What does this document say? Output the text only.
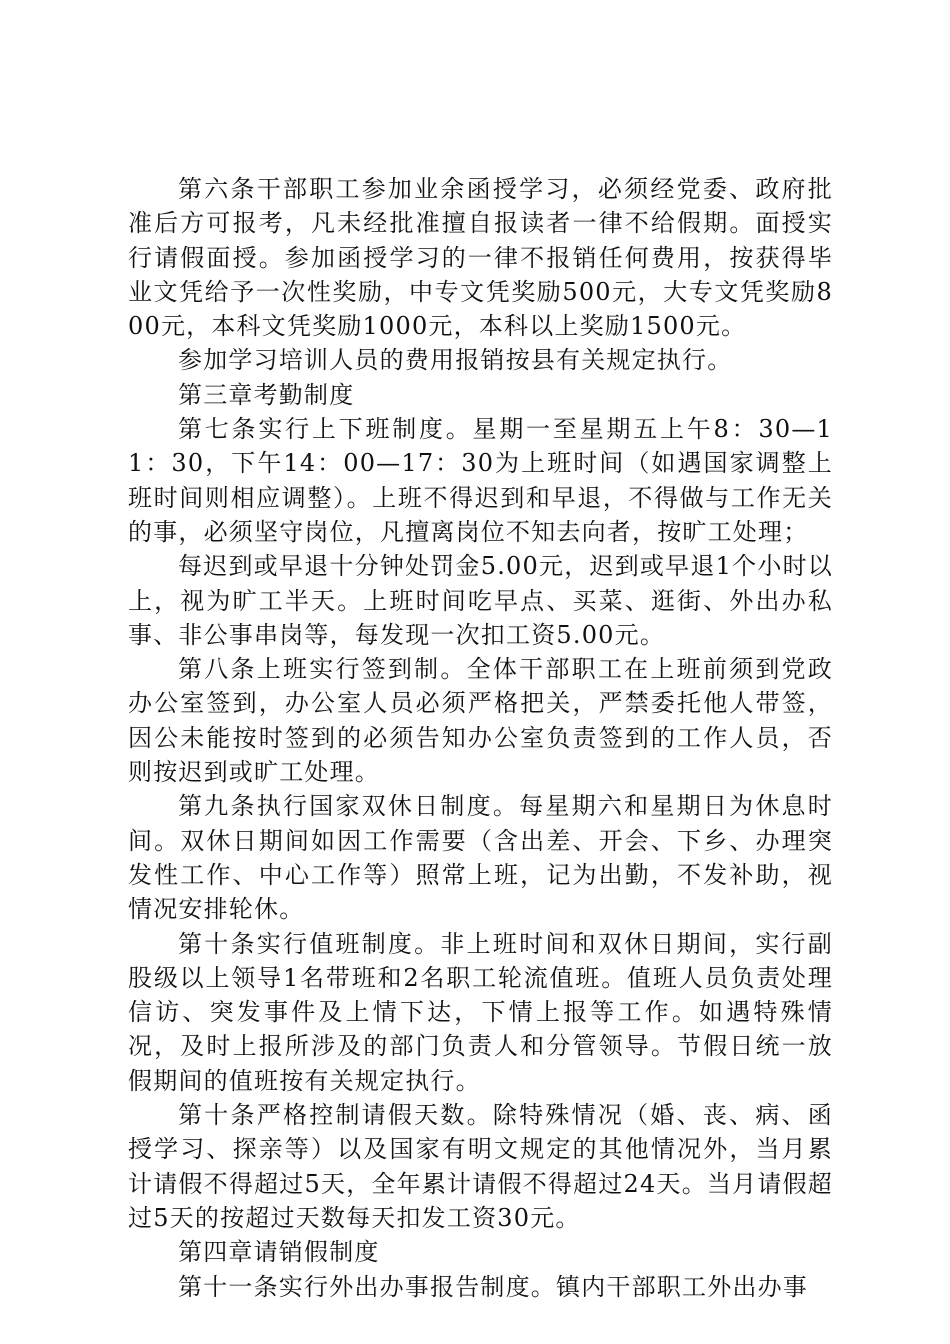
第六条干部职工参加业余函授学习，必须经党委、政府批准后方可报考，凡未经批准擅自报读者一律不给假期。面授实行请假面授。参加函授学习的一律不报销任何费用，按获得毕业文凭给予一次性奖励，中专文凭奖励500元，大专文凭奖励800元，本科文凭奖励1000元，本科以上奖励1500元。

参加学习培训人员的费用报销按县有关规定执行。

第三章考勤制度

第七条实行上下班制度。星期一至星期五上午8：30—11：30，下午14：00—17：30为上班时间（如遇国家调整上班时间则相应调整）。上班不得迟到和早退，不得做与工作无关的事，必须坚守岗位，凡擅离岗位不知去向者，按旷工处理；

每迟到或早退十分钟处罚金5.00元，迟到或早退1个小时以上，视为旷工半天。上班时间吃早点、买菜、逛街、外出办私事、非公事串岗等，每发现一次扣工资5.00元。

第八条上班实行签到制。全体干部职工在上班前须到党政办公室签到，办公室人员必须严格把关，严禁委托他人带签，因公未能按时签到的必须告知办公室负责签到的工作人员，否则按迟到或旷工处理。

第九条执行国家双休日制度。每星期六和星期日为休息时间。双休日期间如因工作需要（含出差、开会、下乡、办理突发性工作、中心工作等）照常上班，记为出勤，不发补助，视情况安排轮休。

第十条实行值班制度。非上班时间和双休日期间，实行副股级以上领导1名带班和2名职工轮流值班。值班人员负责处理信访、突发事件及上情下达，下情上报等工作。如遇特殊情况，及时上报所涉及的部门负责人和分管领导。节假日统一放假期间的值班按有关规定执行。

第十条严格控制请假天数。除特殊情况（婚、丧、病、函授学习、探亲等）以及国家有明文规定的其他情况外，当月累计请假不得超过5天，全年累计请假不得超过24天。当月请假超过5天的按超过天数每天扣发工资30元。

第四章请销假制度

第十一条实行外出办事报告制度。镇内干部职工外出办事
